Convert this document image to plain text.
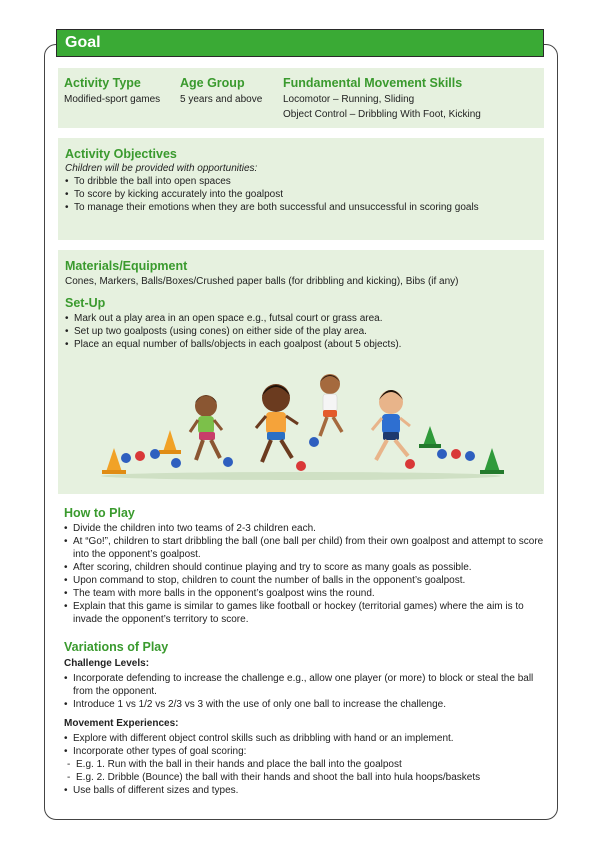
Goal

Activity Type

Modified-sport games

Age Group

5 years and above

Fundamental Movement Skills

Locomotor – Running, Sliding

Object Control – Dribbling With Foot, Kicking

Activity Objectives

Children will be provided with opportunities:

• To dribble the ball into open spaces
• To score by kicking accurately into the goalpost
• To manage their emotions when they are both successful and unsuccessful in scoring goals

Materials/Equipment

Cones, Markers, Balls/Boxes/Crushed paper balls (for dribbling and kicking), Bibs (if any)

Set-Up

• Mark out a play area in an open space e.g., futsal court or grass area.
• Set up two goalposts (using cones) on either side of the play area.
• Place an equal number of balls/objects in each goalpost (about 5 objects).

How to Play

• Divide the children into two teams of 2-3 children each.
• At “Go!”, children to start dribbling the ball (one ball per child) from their own goalpost and attempt to score into the opponent’s goalpost.
• After scoring, children should continue playing and try to score as many goals as possible.
• Upon command to stop, children to count the number of balls in the opponent’s goalpost.
• The team with more balls in the opponent’s goalpost wins the round.
• Explain that this game is similar to games like football or hockey (territorial games) where the aim is to invade the opponent’s territory to score.

Variations of Play

Challenge Levels:

• Incorporate defending to increase the challenge e.g., allow one player (or more) to block or steal the ball from the opponent.
• Introduce 1 vs 1/2 vs 2/3 vs 3 with the use of only one ball to increase the challenge.

Movement Experiences:

• Explore with different object control skills such as dribbling with hand or an implement.
• Incorporate other types of goal scoring:
- E.g. 1. Run with the ball in their hands and place the ball into the goalpost
- E.g. 2. Dribble (Bounce) the ball with their hands and shoot the ball into hula hoops/baskets
• Use balls of different sizes and types.
